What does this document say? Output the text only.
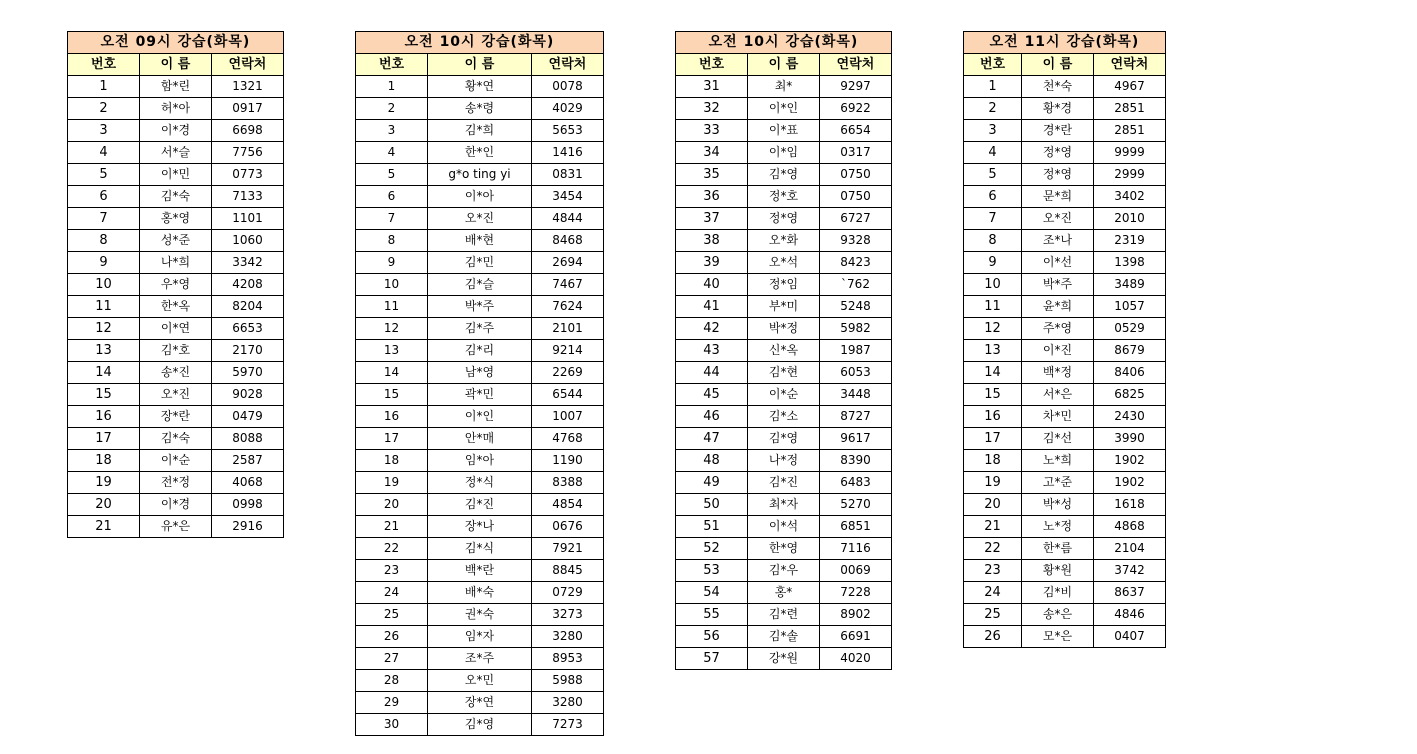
오전 09시 강습(화목)		
번호	이 름	연락처
1	함*린	1321
2	허*아	0917
3	이*경	6698
4	서*슬	7756
5	이*민	0773
6	김*숙	7133
7	홍*영	1101
8	성*준	1060
9	나*희	3342
10	우*영	4208
11	한*옥	8204
12	이*연	6653
13	김*호	2170
14	송*진	5970
15	오*진	9028
16	장*란	0479
17	김*숙	8088
18	이*순	2587
19	전*정	4068
20	이*경	0998
21	유*은	2916
오전 10시 강습(화목)		
번호	이 름	연락처
1	황*연	0078
2	송*령	4029
3	김*희	5653
4	한*인	1416
5	g*o ting yi	0831
6	이*아	3454
7	오*진	4844
8	배*현	8468
9	김*민	2694
10	김*슬	7467
11	박*주	7624
12	김*주	2101
13	김*리	9214
14	남*영	2269
15	곽*민	6544
16	이*인	1007
17	안*매	4768
18	임*아	1190
19	정*식	8388
20	김*진	4854
21	장*나	0676
22	김*식	7921
23	백*란	8845
24	배*숙	0729
25	권*숙	3273
26	임*자	3280
27	조*주	8953
28	오*민	5988
29	장*연	3280
30	김*영	7273
오전 10시 강습(화목)		
번호	이 름	연락처
31	최*	9297
32	이*인	6922
33	이*표	6654
34	이*임	0317
35	김*영	0750
36	정*호	0750
37	정*영	6727
38	오*화	9328
39	오*석	8423
40	정*임	`762
41	부*미	5248
42	박*정	5982
43	신*옥	1987
44	김*현	6053
45	이*순	3448
46	김*소	8727
47	김*영	9617
48	나*정	8390
49	김*진	6483
50	최*자	5270
51	이*석	6851
52	한*영	7116
53	김*우	0069
54	홍*	7228
55	김*련	8902
56	김*솔	6691
57	강*원	4020
오전 11시 강습(화목)		
번호	이 름	연락처
1	천*숙	4967
2	황*경	2851
3	경*란	2851
4	정*영	9999
5	정*영	2999
6	문*희	3402
7	오*진	2010
8	조*나	2319
9	이*선	1398
10	박*주	3489
11	윤*희	1057
12	주*영	0529
13	이*진	8679
14	백*정	8406
15	서*은	6825
16	차*민	2430
17	김*선	3990
18	노*희	1902
19	고*준	1902
20	박*성	1618
21	노*정	4868
22	한*름	2104
23	황*원	3742
24	김*비	8637
25	송*은	4846
26	모*은	0407
